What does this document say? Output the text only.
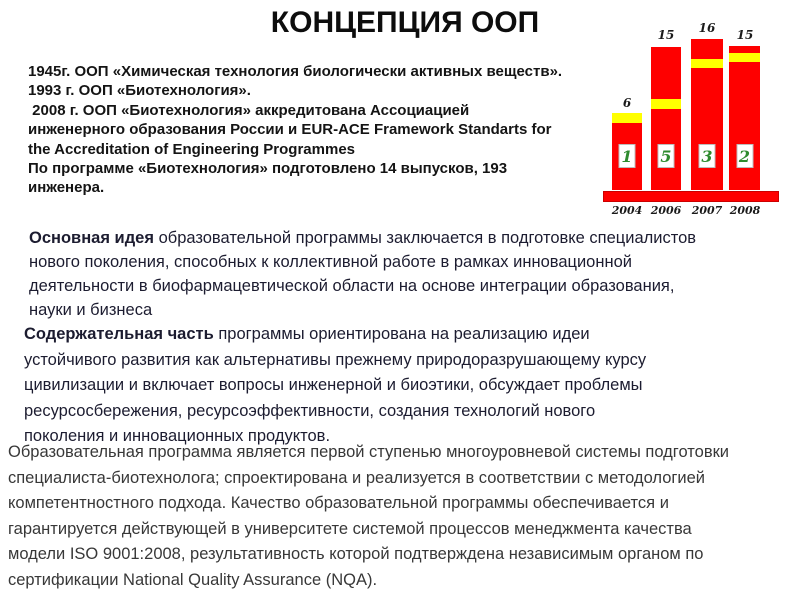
КОНЦЕПЦИЯ ООП
1945г. ООП «Химическая технология биологически активных веществ».
1993 г. ООП «Биотехнология».
2008 г. ООП «Биотехнология» аккредитована Ассоциацией
инженерного образования России и EUR-ACE Framework Standarts for
the Accreditation of Engineering Programmes
По программе «Биотехнология» подготовлено 14 выпусков, 193
инженера.
6
15	16	15
1 5 3 2
2004 2006 2007 2008
Основная идея образовательной программы заключается в подготовке специалистов
нового поколения, способных к коллективной работе в рамках инновационной
деятельности в биофармацевтической области на основе интеграции образования,
науки и бизнеса
Содержательная часть программы ориентирована на реализацию идеи
устойчивого развития как альтернативы прежнему природоразрушающему курсу
цивилизации и включает вопросы инженерной и биоэтики, обсуждает проблемы
ресурсосбережения, ресурсоэффективности, создания технологий нового
поколения и инновационных продуктов.
Образовательная программа является первой ступенью многоуровневой системы подготовки
специалиста-биотехнолога; спроектирована и реализуется в соответствии с методологией
компетентностного подхода. Качество образовательной программы обеспечивается и
гарантируется действующей в университете системой процессов менеджмента качества
модели ISO 9001:2008, результативность которой подтверждена независимым органом по
сертификации National Quality Assurance (NQA).
